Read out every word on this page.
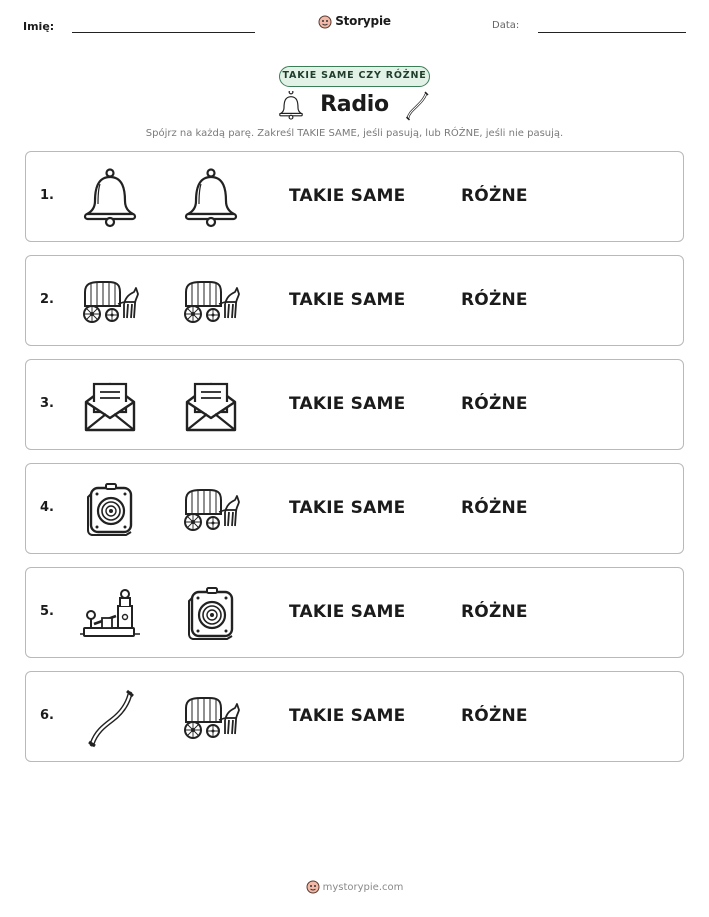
Imię:	Storypie	Data:
TAKIE SAME CZY RÓŻNE
Radio
Spójrz na każdą parę. Zakreśl TAKIE SAME, jeśli pasują, lub RÓŻNE, jeśli nie pasują.
1.	TAKIE SAME	RÓŻNE
2.	TAKIE SAME	RÓŻNE
3.	TAKIE SAME	RÓŻNE
4.	TAKIE SAME	RÓŻNE
5.	TAKIE SAME	RÓŻNE
6.	TAKIE SAME	RÓŻNE
mystorypie.com
